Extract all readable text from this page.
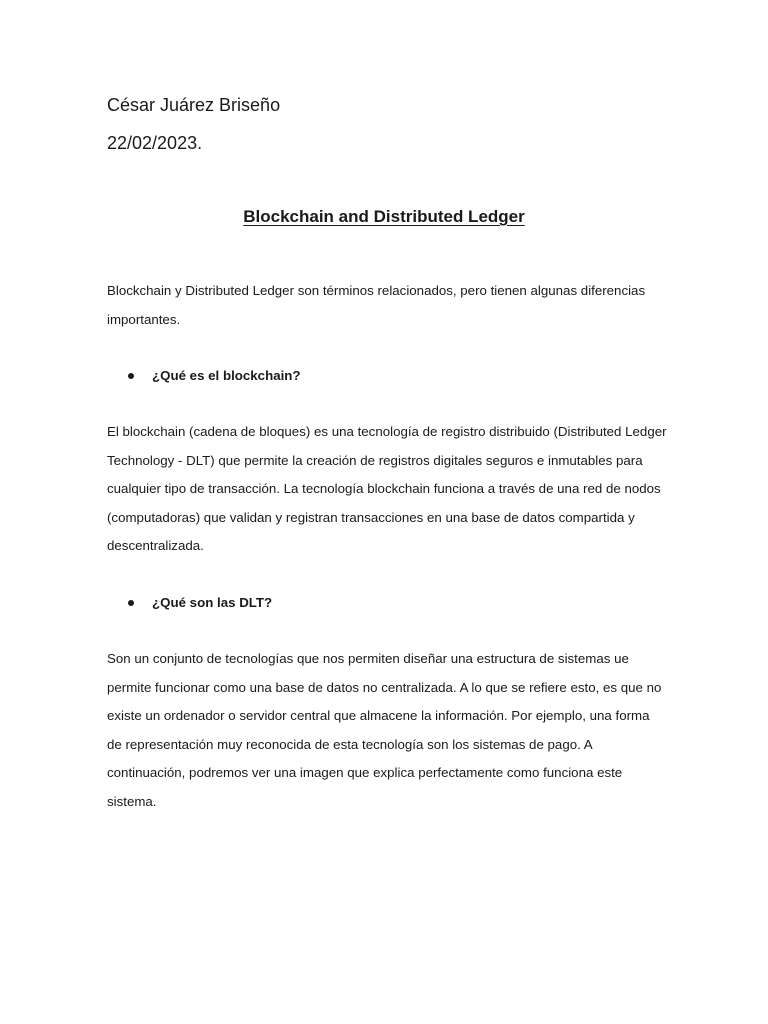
César Juárez Briseño

22/02/2023.

Blockchain and Distributed Ledger

Blockchain y Distributed Ledger son términos relacionados, pero tienen algunas diferencias importantes.

¿Qué es el blockchain?

El blockchain (cadena de bloques) es una tecnología de registro distribuido (Distributed Ledger Technology - DLT) que permite la creación de registros digitales seguros e inmutables para cualquier tipo de transacción. La tecnología blockchain funciona a través de una red de nodos (computadoras) que validan y registran transacciones en una base de datos compartida y descentralizada.

¿Qué son las DLT?

Son un conjunto de tecnologías que nos permiten diseñar una estructura de sistemas ue permite funcionar como una base de datos no centralizada. A lo que se refiere esto, es que no existe un ordenador o servidor central que almacene la información. Por ejemplo, una forma de representación muy reconocida de esta tecnología son los sistemas de pago. A continuación, podremos ver una imagen que explica perfectamente como funciona este sistema.
